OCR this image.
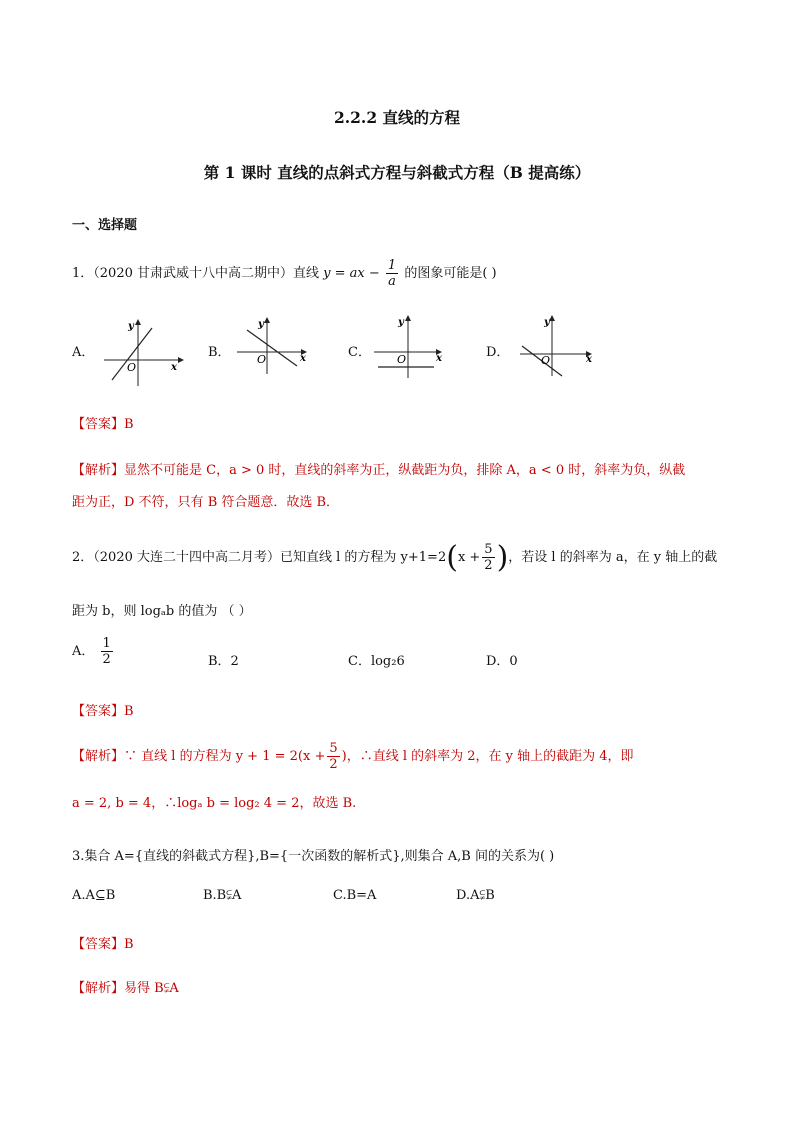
2.2.2 直线的方程
第 1 课时 直线的点斜式方程与斜截式方程（B 提高练）
一、选择题
1．（2020 甘肃武威十八中高二期中）直线 y = ax − $\frac{1}{a}$ 的图象可能是( )
A．	B．	C．	D．
y
x
O
y
x
O
y
x
O
y
x
O
【答案】B
【解析】显然不可能是 C，a > 0 时，直线的斜率为正，纵截距为负，排除 A，a < 0 时，斜率为负，纵截
距为正，D 不符，只有 B 符合题意．故选 B．
2．（2020 大连二十四中高二月考）已知直线 l 的方程为 $y+1=2(x + \frac{5}{2}$ )，若设 l 的斜率为 a，在 y 轴上的截
距为 b，则 logₐb 的值为 （ ）
A． $\frac{1}{2}$	B．2	C．log₂6	D．0
【答案】B
【解析】∵ 直线 l 的方程为 $y + 1 = 2(x + \frac{5}{2}$ )，∴直线 l 的斜率为 2，在 y 轴上的截距为 4，即
a = 2, b = 4，∴logₐ b = log₂ 4 = 2，故选 B.
3.集合 A={直线的斜截式方程},B={一次函数的解析式},则集合 A,B 间的关系为( )
A.A⊆B	B.B⫋A	C.B=A	D.A⫋B
【答案】B
【解析】易得 B⫋A
